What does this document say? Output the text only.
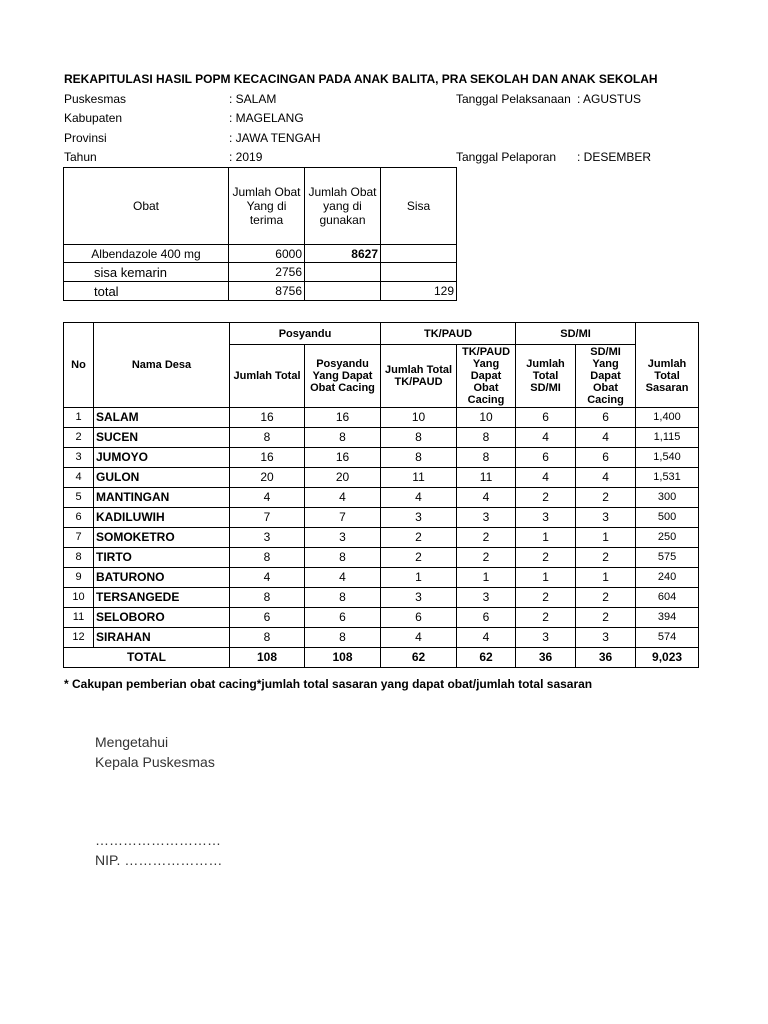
REKAPITULASI HASIL POPM KECACINGAN PADA ANAK BALITA, PRA SEKOLAH DAN ANAK SEKOLAH
Puskesmas	: SALAM	Tanggal Pelaksanaan : AGUSTUS
Kabupaten	: MAGELANG
Provinsi	: JAWA TENGAH
Tahun	: 2019	Tanggal Pelaporan : DESEMBER
Obat	Jumlah Obat Yang di terima	Jumlah Obat yang di gunakan	Sisa
Albendazole 400 mg	6000	8627	
sisa kemarin	2756		
total	8756		129
No	Nama Desa	Posyandu		TK/PAUD		SD/MI		
		Jumlah Total	Posyandu Yang Dapat Obat Cacing	Jumlah Total TK/PAUD	TK/PAUD Yang Dapat Obat Cacing	Jumlah Total SD/MI	SD/MI Yang Dapat Obat Cacing	Jumlah Total Sasaran
1	SALAM	16	16	10	10	6	6	1,400
2	SUCEN	8	8	8	8	4	4	1,115
3	JUMOYO	16	16	8	8	6	6	1,540
4	GULON	20	20	11	11	4	4	1,531
5	MANTINGAN	4	4	4	4	2	2	300
6	KADILUWIH	7	7	3	3	3	3	500
7	SOMOKETRO	3	3	2	2	1	1	250
8	TIRTO	8	8	2	2	2	2	575
9	BATURONO	4	4	1	1	1	1	240
10	TERSANGEDE	8	8	3	3	2	2	604
11	SELOBORO	6	6	6	6	2	2	394
12	SIRAHAN	8	8	4	4	3	3	574
TOTAL		108	108	62	62	36	36	9,023
* Cakupan pemberian obat cacing*jumlah total sasaran yang dapat obat/jumlah total sasaran
Mengetahui
Kepala Puskesmas
………………………
NIP. …………………
